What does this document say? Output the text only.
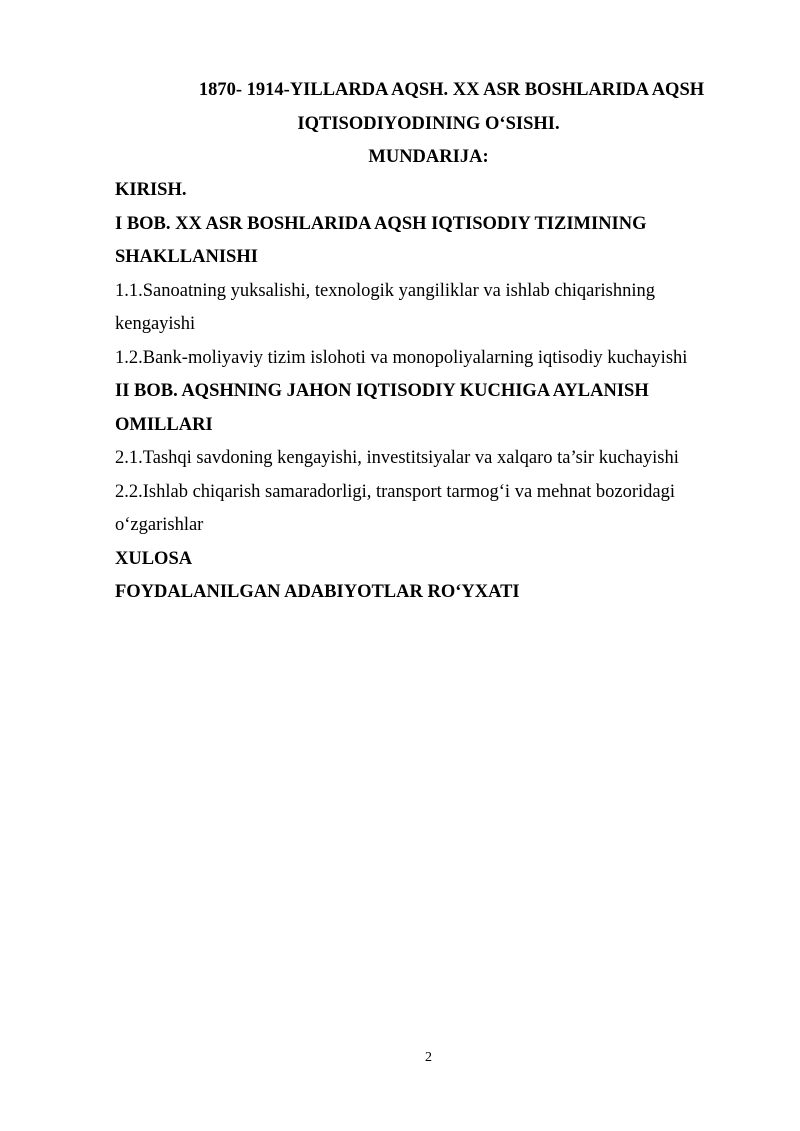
1870- 1914-YILLARDA AQSH. XX ASR BOSHLARIDA AQSH
IQTISODIYODINING O‘SISHI.
MUNDARIJA:
KIRISH.
I BOB. XX ASR BOSHLARIDA AQSH IQTISODIY TIZIMINING SHAKLLANISHI
1.1.Sanoatning yuksalishi, texnologik yangiliklar va ishlab chiqarishning kengayishi
1.2.Bank-moliyaviy tizim islohoti va monopoliyalarning iqtisodiy kuchayishi
II BOB. AQSHNING JAHON IQTISODIY KUCHIGA AYLANISH OMILLARI
2.1.Tashqi savdoning kengayishi, investitsiyalar va xalqaro ta’sir kuchayishi
2.2.Ishlab chiqarish samaradorligi, transport tarmog‘i va mehnat bozoridagi o‘zgarishlar
XULOSA
FOYDALANILGAN ADABIYOTLAR RO‘YXATI
2
